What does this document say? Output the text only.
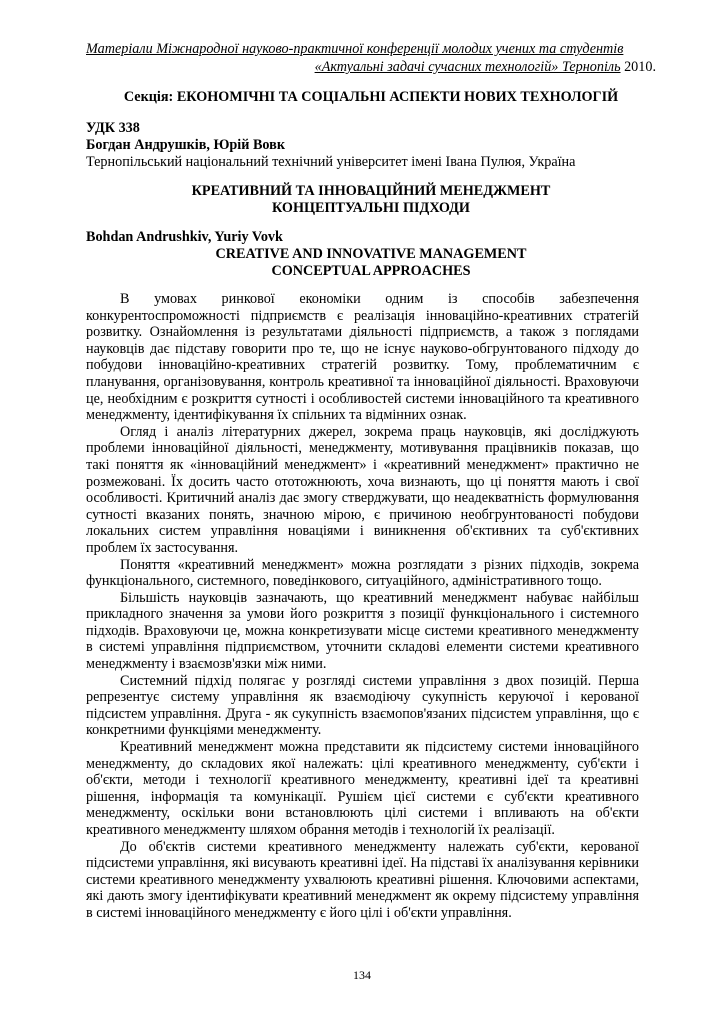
Матеріали Міжнародної науково-практичної конференції молодих учених та студентів
«Актуальні задачі сучасних технологій» Тернопіль 2010.
Секція: ЕКОНОМІЧНІ ТА СОЦІАЛЬНІ АСПЕКТИ НОВИХ ТЕХНОЛОГІЙ
УДК 338
Богдан Андрушків, Юрій Вовк
Тернопільський національний технічний університет імені Івана Пулюя, Україна
КРЕАТИВНИЙ ТА ІННОВАЦІЙНИЙ МЕНЕДЖМЕНТ
КОНЦЕПТУАЛЬНІ ПІДХОДИ
Bohdan Andrushkiv, Yuriy Vovk
CREATIVE AND INNOVATIVE MANAGEMENT
CONCEPTUAL APPROACHES

В умовах ринкової економіки одним із способів забезпечення конкурентоспроможності підприємств є реалізація інноваційно-креативних стратегій розвитку. Ознайомлення із результатами діяльності підприємств, а також з поглядами науковців дає підставу говорити про те, що не існує науково-обгрунтованого підходу до побудови інноваційно-креативних стратегій розвитку. Тому, проблематичним є планування, організовування, контроль креативної та інноваційної діяльності. Враховуючи це, необхідним є розкриття сутності і особливостей системи інноваційного та креативного менеджменту, ідентифікування їх спільних та відмінних ознак.

Огляд і аналіз літературних джерел, зокрема праць науковців, які досліджують проблеми інноваційної діяльності, менеджменту, мотивування працівників показав, що такі поняття як «інноваційний менеджмент» і «креативний менеджмент» практично не розмежовані. Їх досить часто ототожнюють, хоча визнають, що ці поняття мають і свої особливості. Критичний аналіз дає змогу стверджувати, що неадекватність формулювання сутності вказаних понять, значною мірою, є причиною необгрунтованості побудови локальних систем управління новаціями і виникнення об'єктивних та суб'єктивних проблем їх застосування.

Поняття «креативний менеджмент» можна розглядати з різних підходів, зокрема функціонального, системного, поведінкового, ситуаційного, адміністративного тощо.

Більшість науковців зазначають, що креативний менеджмент набуває найбільш прикладного значення за умови його розкриття з позиції функціонального і системного підходів. Враховуючи це, можна конкретизувати місце системи креативного менеджменту в системі управління підприємством, уточнити складові елементи системи креативного менеджменту і взаємозв'язки між ними.

Системний підхід полягає у розгляді системи управління з двох позицій. Перша репрезентує систему управління як взаємодіючу сукупність керуючої і керованої підсистем управління. Друга - як сукупність взаємопов'язаних підсистем управління, що є конкретними функціями менеджменту.

Креативний менеджмент можна представити як підсистему системи інноваційного менеджменту, до складових якої належать: цілі креативного менеджменту, суб'єкти і об'єкти, методи і технології креативного менеджменту, креативні ідеї та креативні рішення, інформація та комунікації. Рушієм цієї системи є суб'єкти креативного менеджменту, оскільки вони встановлюють цілі системи і впливають на об'єкти креативного менеджменту шляхом обрання методів і технологій їх реалізації.

До об'єктів системи креативного менеджменту належать суб'єкти, керованої підсистеми управління, які висувають креативні ідеї. На підставі їх аналізування керівники системи креативного менеджменту ухвалюють креативні рішення. Ключовими аспектами, які дають змогу ідентифікувати креативний менеджмент як окрему підсистему управління в системі інноваційного менеджменту є його цілі і об'єкти управління.

134
